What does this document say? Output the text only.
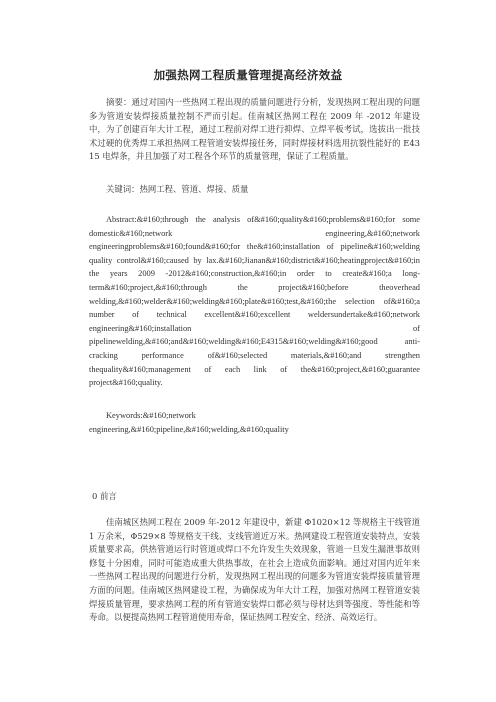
加强热网工程质量管理提高经济效益

摘要：通过对国内一些热网工程出现的质量问题进行分析，发现热网工程出现的问题多为管道安装焊接质量控制不严而引起。佳南城区热网工程在 2009 年 -2012 年建设中，为了创建百年大计工程，通过工程前对焊工进行抑焊、立焊平板考试，选拔出一批技术过硬的优秀焊工承担热网工程管道安装焊接任务，同时焊接材料选用抗裂性能好的 E4315 电焊条，并且加强了对工程各个环节的质量管理，保证了工程质量。

关键词：热网工程、管道、焊接、质量

Abstract:&#160;through the analysis of&#160;quality&#160;problems&#160;for some domestic&#160;network engineering,&#160;network engineeringproblems&#160;found&#160;for the&#160;installation of pipeline&#160;welding quality control&#160;caused by lax.&#160;Jianan&#160;district&#160;heatingproject&#160;in the years 2009 -2012&#160;construction,&#160;in order to create&#160;a long-term&#160;project,&#160;through the project&#160;before theoverhead welding,&#160;welder&#160;welding&#160;plate&#160;test,&#160;the selection of&#160;a number of technical excellent&#160;excellent weldersundertake&#160;network engineering&#160;installation of pipelinewelding,&#160;and&#160;welding&#160;E4315&#160;welding&#160;good anti-cracking performance of&#160;selected materials,&#160;and strengthen thequality&#160;management of each link of the&#160;project,&#160;guarantee project&#160;quality.

Keywords:&#160;network
engineering,&#160;pipeline,&#160;welding,&#160;quality

0 前言

佳南城区热网工程在 2009 年-2012 年建设中，新建 Φ1020×12 等规格主干线管道 1 万余米，Φ529×8 等规格支干线、支线管道近万米。热网建设工程管道安装特点，安装质量要求高，供热管道运行时管道或焊口不允许发生失效现象，管道一旦发生漏泄事故则修复十分困难，同时可能造成重大供热事故，在社会上造成负面影响。通过对国内近年来一些热网工程出现的问题进行分析，发现热网工程出现的问题多为管道安装焊接质量管理方面的问题。佳南城区热网建设工程，为确保成为年大计工程，加强对热网工程管道安装焊接质量管理，要求热网工程的所有管道安装焊口都必须与母材达到等强度、等性能和等寿命。以便提高热网工程管道使用寿命，保证热网工程安全、经济、高效运行。
